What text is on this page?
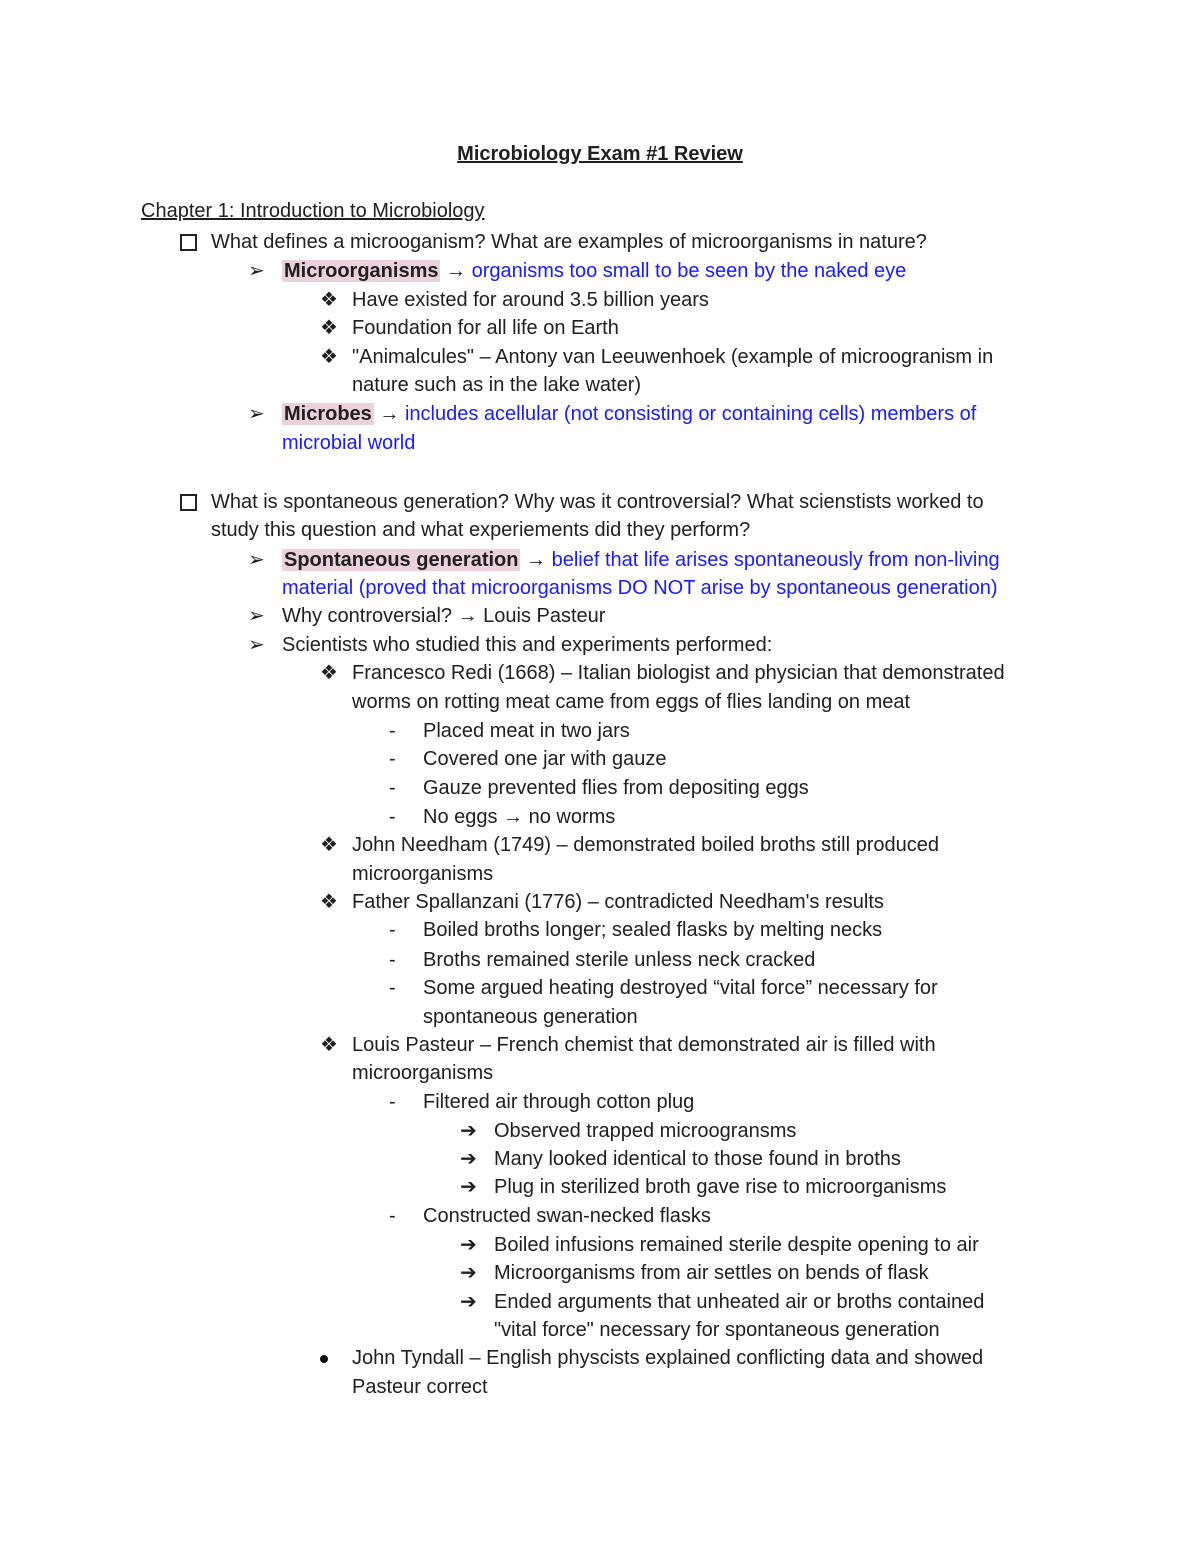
Microbiology Exam #1 Review
Chapter 1: Introduction to Microbiology
What defines a microoganism? What are examples of microorganisms in nature?
➢ Microorganisms → organisms too small to be seen by the naked eye
❖ Have existed for around 3.5 billion years
❖ Foundation for all life on Earth
❖ "Animalcules" – Antony van Leeuwenhoek (example of microogranism in
nature such as in the lake water)
➢ Microbes → includes acellular (not consisting or containing cells) members of
microbial world
What is spontaneous generation? Why was it controversial? What scienstists worked to
study this question and what experiements did they perform?
➢ Spontaneous generation → belief that life arises spontaneously from non-living
material (proved that microorganisms DO NOT arise by spontaneous generation)
➢ Why controversial? → Louis Pasteur
➢ Scientists who studied this and experiments performed:
❖ Francesco Redi (1668) – Italian biologist and physician that demonstrated
worms on rotting meat came from eggs of flies landing on meat
- Placed meat in two jars
- Covered one jar with gauze
- Gauze prevented flies from depositing eggs
- No eggs → no worms
❖ John Needham (1749) – demonstrated boiled broths still produced
microorganisms
❖ Father Spallanzani (1776) – contradicted Needham's results
- Boiled broths longer; sealed flasks by melting necks
- Broths remained sterile unless neck cracked
- Some argued heating destroyed “vital force” necessary for
spontaneous generation
❖ Louis Pasteur – French chemist that demonstrated air is filled with
microorganisms
- Filtered air through cotton plug
➔ Observed trapped microogransms
➔ Many looked identical to those found in broths
➔ Plug in sterilized broth gave rise to microorganisms
- Constructed swan-necked flasks
➔ Boiled infusions remained sterile despite opening to air
➔ Microorganisms from air settles on bends of flask
➔ Ended arguments that unheated air or broths contained
"vital force" necessary for spontaneous generation
John Tyndall – English physcists explained conflicting data and showed
Pasteur correct
